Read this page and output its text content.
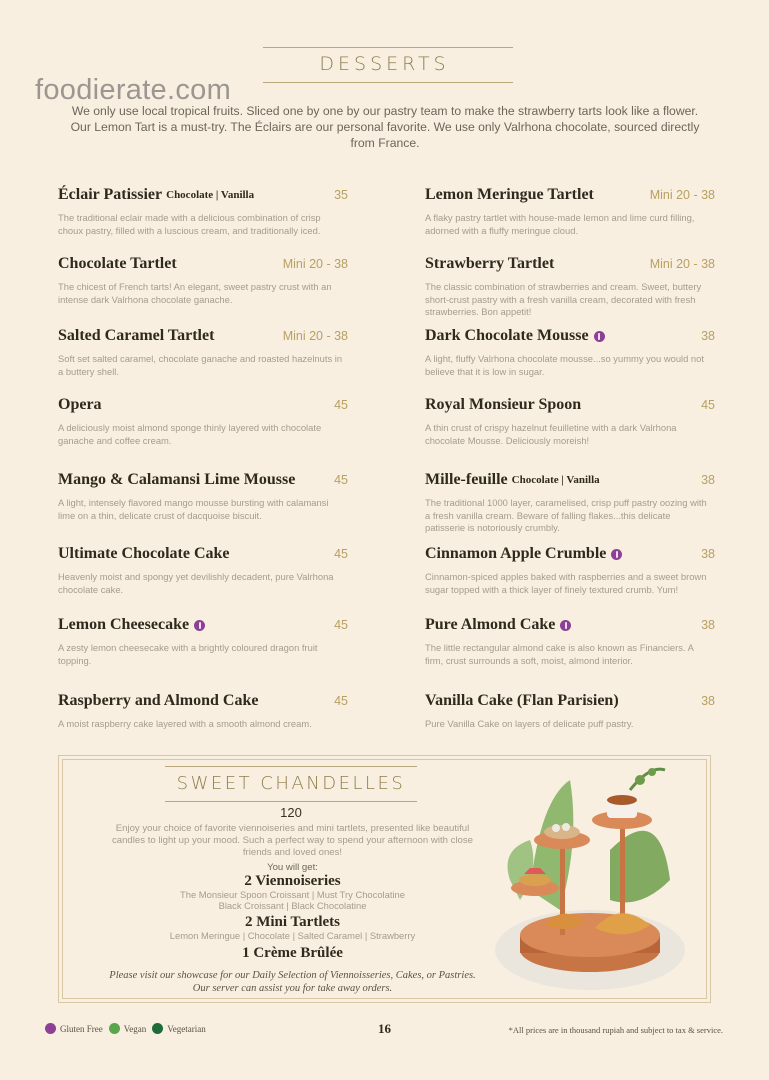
foodierate.com
DESSERTS
We only use local tropical fruits. Sliced one by one by our pastry team to make the strawberry tarts look like a flower. Our Lemon Tart is a must-try. The Éclairs are our personal favorite. We use only Valrhona chocolate, sourced directly from France.
Éclair Patissier Chocolate | Vanilla	35
The traditional eclair made with a delicious combination of crisp choux pastry, filled with a luscious cream, and traditionally iced.
Chocolate Tartlet	Mini 20 - 38
The chicest of French tarts! An elegant, sweet pastry crust with an intense dark Valrhona chocolate ganache.
Salted Caramel Tartlet	Mini 20 - 38
Soft set salted caramel, chocolate ganache and roasted hazelnuts in a buttery shell.
Opera	45
A deliciously moist almond sponge thinly layered with chocolate ganache and coffee cream.
Mango & Calamansi Lime Mousse	45
A light, intensely flavored mango mousse bursting with calamansi lime on a thin, delicate crust of dacquoise biscuit.
Ultimate Chocolate Cake	45
Heavenly moist and spongy yet devilishly decadent, pure Valrhona chocolate cake.
Lemon Cheesecake	45
A zesty lemon cheesecake with a brightly coloured dragon fruit topping.
Raspberry and Almond Cake	45
A moist raspberry cake layered with a smooth almond cream.
Lemon Meringue Tartlet	Mini 20 - 38
A flaky pastry tartlet with house-made lemon and lime curd filling, adorned with a fluffy meringue cloud.
Strawberry Tartlet	Mini 20 - 38
The classic combination of strawberries and cream. Sweet, buttery short-crust pastry with a fresh vanilla cream, decorated with fresh strawberries. Bon appetit!
Dark Chocolate Mousse	38
A light, fluffy Valrhona chocolate mousse...so yummy you would not believe that it is low in sugar.
Royal Monsieur Spoon	45
A thin crust of crispy hazelnut feuilletine with a dark Valrhona chocolate Mousse. Deliciously moreish!
Mille-feuille Chocolate | Vanilla	38
The traditional 1000 layer, caramelised, crisp puff pastry oozing with a fresh vanilla cream. Beware of falling flakes...this delicate patisserie is notoriously crumbly.
Cinnamon Apple Crumble	38
Cinnamon-spiced apples baked with raspberries and a sweet brown sugar topped with a thick layer of finely textured crumb. Yum!
Pure Almond Cake	38
The little rectangular almond cake is also known as Financiers. A firm, crust surrounds a soft, moist, almond interior.
Vanilla Cake (Flan Parisien)	38
Pure Vanilla Cake on layers of delicate puff pastry.
SWEET CHANDELLES
120
Enjoy your choice of favorite viennoiseries and mini tartlets, presented like beautiful candles to light up your mood. Such a perfect way to spend your afternoon with close friends and loved ones!
You will get:
2 Viennoiseries
The Monsieur Spoon Croissant | Must Try Chocolatine
Black Croissant | Black Chocolatine
2 Mini Tartlets
Lemon Meringue | Chocolate | Salted Caramel | Strawberry
1 Crème Brûlée
Please visit our showcase for our Daily Selection of Viennoisseries, Cakes, or Pastries.
Our server can assist you for take away orders.
Gluten Free Vegan Vegetarian	16	*All prices are in thousand rupiah and subject to tax & service.
